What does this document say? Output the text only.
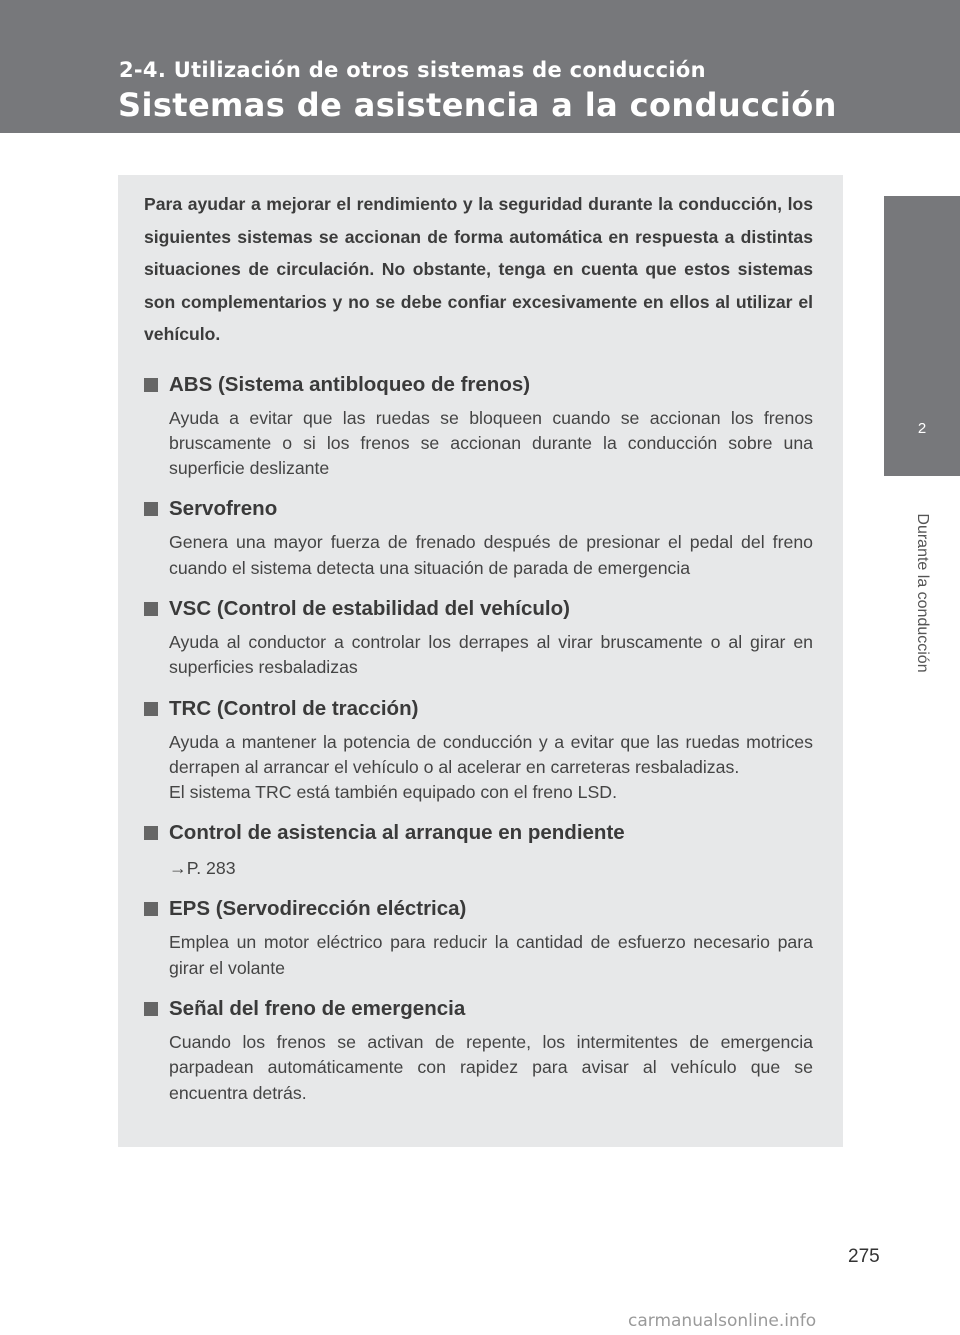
2-4. Utilización de otros sistemas de conducción
Sistemas de asistencia a la conducción
2
Durante la conducción

Para ayudar a mejorar el rendimiento y la seguridad durante la conducción, los siguientes sistemas se accionan de forma automática en respuesta a distintas situaciones de circulación. No obstante, tenga en cuenta que estos sistemas son complementarios y no se debe confiar excesivamente en ellos al utilizar el vehículo.

ABS (Sistema antibloqueo de frenos)

Ayuda a evitar que las ruedas se bloqueen cuando se accionan los frenos bruscamente o si los frenos se accionan durante la conducción sobre una superficie deslizante

Servofreno

Genera una mayor fuerza de frenado después de presionar el pedal del freno cuando el sistema detecta una situación de parada de emergencia

VSC (Control de estabilidad del vehículo)

Ayuda al conductor a controlar los derrapes al virar bruscamente o al girar en superficies resbaladizas

TRC (Control de tracción)

Ayuda a mantener la potencia de conducción y a evitar que las ruedas motrices derrapen al arrancar el vehículo o al acelerar en carreteras resbaladizas.

El sistema TRC está también equipado con el freno LSD.

Control de asistencia al arranque en pendiente
→P. 283
EPS (Servodirección eléctrica)

Emplea un motor eléctrico para reducir la cantidad de esfuerzo necesario para girar el volante

Señal del freno de emergencia

Cuando los frenos se activan de repente, los intermitentes de emergencia parpadean automáticamente con rapidez para avisar al vehículo que se encuentra detrás.

275
carmanualsonline.info
